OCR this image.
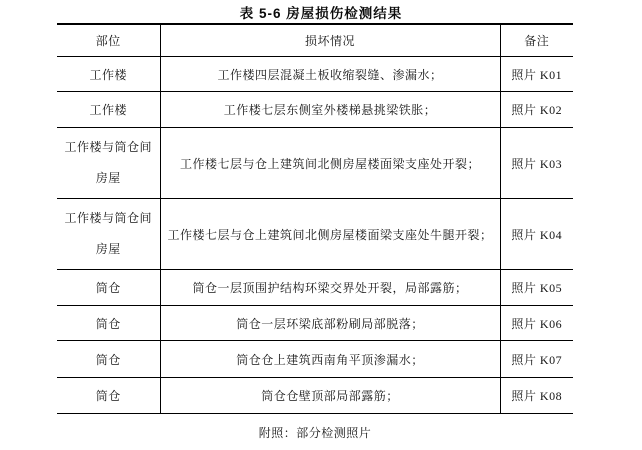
表 5-6 房屋损伤检测结果
部位	损坏情况	备注
工作楼	工作楼四层混凝土板收缩裂缝、渗漏水；	照片 K01
工作楼	工作楼七层东侧室外楼梯悬挑梁铁胀；	照片 K02

工作楼与筒仓间
房屋	工作楼七层与仓上建筑间北侧房屋楼面梁支座处开裂；	照片 K03

工作楼与筒仓间
房屋	工作楼七层与仓上建筑间北侧房屋楼面梁支座处牛腿开裂；	照片 K04
筒仓	筒仓一层顶围护结构环梁交界处开裂，局部露筋；	照片 K05
筒仓	筒仓一层环梁底部粉刷局部脱落；	照片 K06
筒仓	筒仓仓上建筑西南角平顶渗漏水；	照片 K07
筒仓	筒仓仓壁顶部局部露筋；	照片 K08
附照：部分检测照片		
